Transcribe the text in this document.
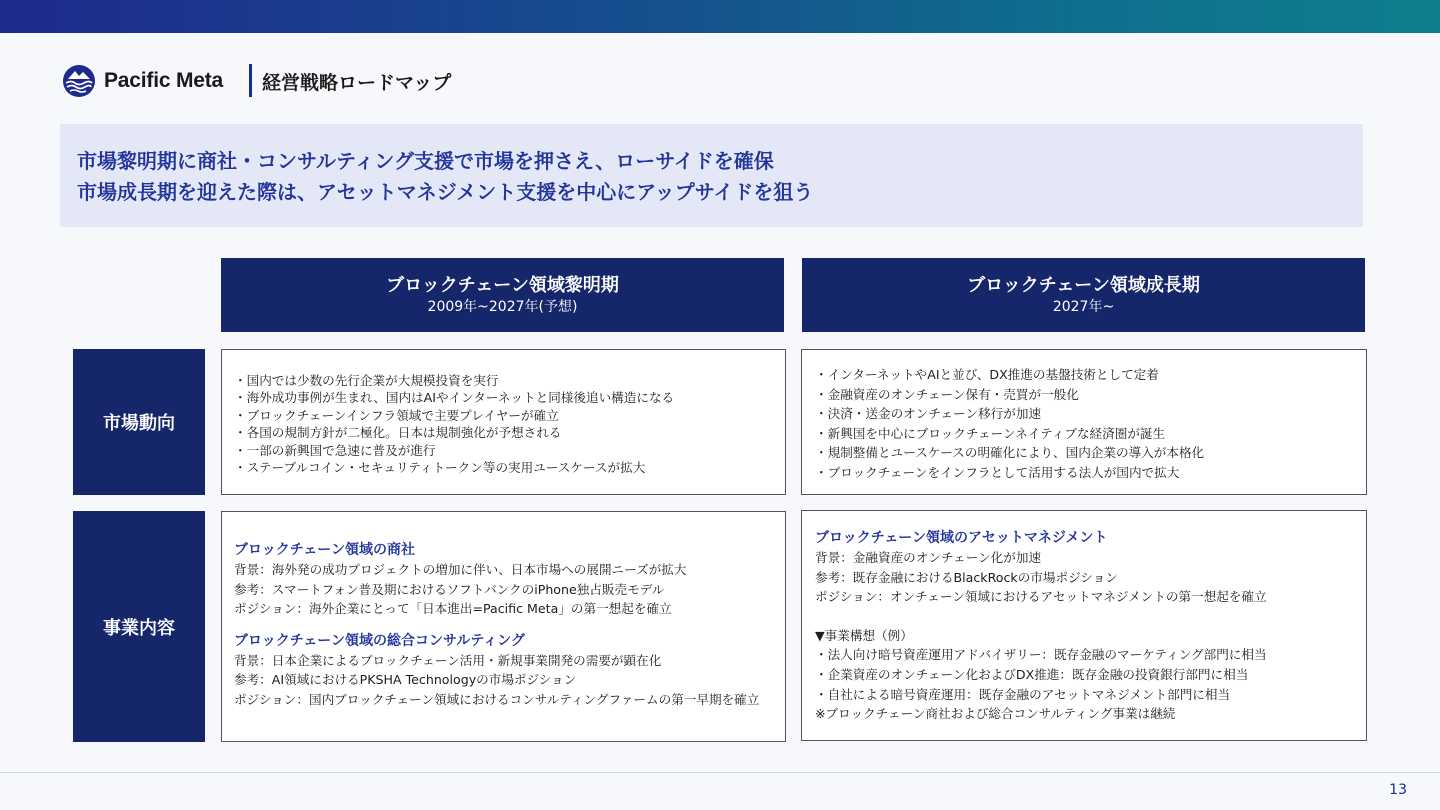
Pacific Meta 経営戦略ロードマップ
市場黎明期に商社・コンサルティング支援で市場を押さえ、ローサイドを確保
市場成長期を迎えた際は、アセットマネジメント支援を中心にアップサイドを狙う
ブロックチェーン領域黎明期
2009年~2027年(予想)
ブロックチェーン領域成長期
2027年~
市場動向
事業内容
・国内では少数の先行企業が大規模投資を実行
・海外成功事例が生まれ、国内はAIやインターネットと同様後追い構造になる
・ブロックチェーンインフラ領域で主要プレイヤーが確立
・各国の規制方針が二極化。日本は規制強化が予想される
・一部の新興国で急速に普及が進行
・ステーブルコイン・セキュリティトークン等の実用ユースケースが拡大
・インターネットやAIと並び、DX推進の基盤技術として定着
・金融資産のオンチェーン保有・売買が一般化
・決済・送金のオンチェーン移行が加速
・新興国を中心にブロックチェーンネイティブな経済圏が誕生
・規制整備とユースケースの明確化により、国内企業の導入が本格化
・ブロックチェーンをインフラとして活用する法人が国内で拡大
ブロックチェーン領域の商社
背景：海外発の成功プロジェクトの増加に伴い、日本市場への展開ニーズが拡大
参考：スマートフォン普及期におけるソフトバンクのiPhone独占販売モデル
ポジション：海外企業にとって「日本進出=Pacific Meta」の第一想起を確立
ブロックチェーン領域の総合コンサルティング
背景：日本企業によるブロックチェーン活用・新規事業開発の需要が顕在化
参考：AI領域におけるPKSHA Technologyの市場ポジション
ポジション：国内ブロックチェーン領域におけるコンサルティングファームの第一早期を確立
ブロックチェーン領域のアセットマネジメント
背景：金融資産のオンチェーン化が加速
参考：既存金融におけるBlackRockの市場ポジション
ポジション：オンチェーン領域におけるアセットマネジメントの第一想起を確立
▼事業構想（例）
・法人向け暗号資産運用アドバイザリー：既存金融のマーケティング部門に相当
・企業資産のオンチェーン化およびDX推進：既存金融の投資銀行部門に相当
・自社による暗号資産運用：既存金融のアセットマネジメント部門に相当
※ブロックチェーン商社および総合コンサルティング事業は継続
13
